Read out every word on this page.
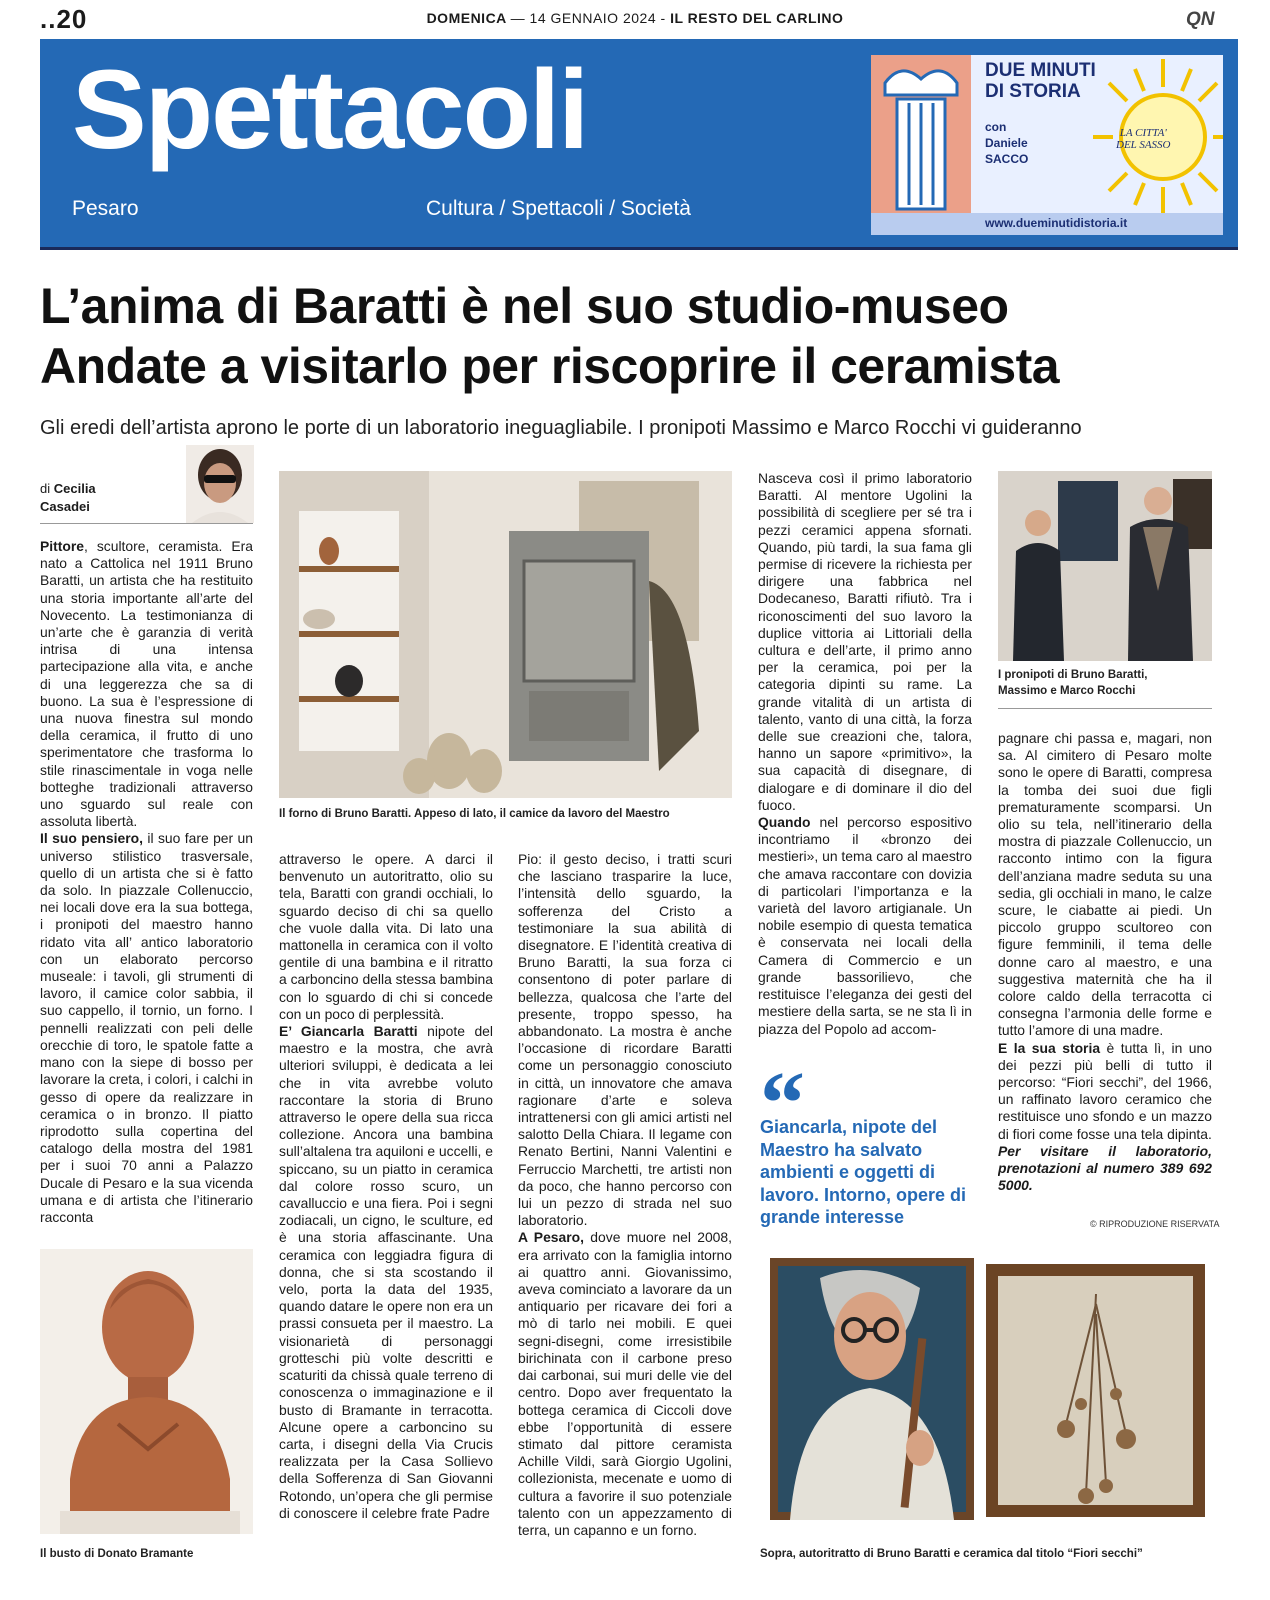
..20	DOMENICA — 14 GENNAIO 2024 - IL RESTO DEL CARLINO	QN
Spettacoli
Pesaro	Cultura / Spettacoli / Società
DUE MINUTI
DI STORIA
con
Daniele
SACCO
LA CITTA'
DEL SASSO
www.dueminutidistoria.it
L’anima di Baratti è nel suo studio-museo
Andate a visitarlo per riscoprire il ceramista
Gli eredi dell’artista aprono le porte di un laboratorio ineguagliabile. I pronipoti Massimo e Marco Rocchi vi guideranno
di Cecilia
Casadei

Pittore, scultore, ceramista. Era nato a Cattolica nel 1911 Bruno Baratti, un artista che ha restituito una storia importante all’arte del Novecento. La testimonianza di un’arte che è garanzia di verità intrisa di una intensa partecipazione alla vita, e anche di una leggerezza che sa di buono. La sua è l’espressione di una nuova finestra sul mondo della ceramica, il frutto di uno sperimentatore che trasforma lo stile rinascimentale in voga nelle botteghe tradizionali attraverso uno sguardo sul reale con assoluta libertà.

Il suo pensiero, il suo fare per un universo stilistico trasversale, quello di un artista che si è fatto da solo. In piazzale Collenuccio, nei locali dove era la sua bottega, i pronipoti del maestro hanno ridato vita all’ antico laboratorio con un elaborato percorso museale: i tavoli, gli strumenti di lavoro, il camice color sabbia, il suo cappello, il tornio, un forno. I pennelli realizzati con peli delle orecchie di toro, le spatole fatte a mano con la siepe di bosso per lavorare la creta, i colori, i calchi in gesso di opere da realizzare in ceramica o in bronzo. Il piatto riprodotto sulla copertina del catalogo della mostra del 1981 per i suoi 70 anni a Palazzo Ducale di Pesaro e la sua vicenda umana e di artista che l’itinerario racconta

Il busto di Donato Bramante
Il forno di Bruno Baratti. Appeso di lato, il camice da lavoro del Maestro

attraverso le opere. A darci il benvenuto un autoritratto, olio su tela, Baratti con grandi occhiali, lo sguardo deciso di chi sa quello che vuole dalla vita. Di lato una mattonella in ceramica con il volto gentile di una bambina e il ritratto a carboncino della stessa bambina con lo sguardo di chi si concede con un poco di perplessità.

E’ Giancarla Baratti nipote del maestro e la mostra, che avrà ulteriori sviluppi, è dedicata a lei che in vita avrebbe voluto raccontare la storia di Bruno attraverso le opere della sua ricca collezione. Ancora una bambina sull’altalena tra aquiloni e uccelli, e spiccano, su un piatto in ceramica dal colore rosso scuro, un cavalluccio e una fiera. Poi i segni zodiacali, un cigno, le sculture, ed è una storia affascinante. Una ceramica con leggiadra figura di donna, che si sta scostando il velo, porta la data del 1935, quando datare le opere non era un prassi consueta per il maestro. La visionarietà di personaggi grotteschi più volte descritti e scaturiti da chissà quale terreno di conoscenza o immaginazione e il busto di Bramante in terracotta. Alcune opere a carboncino su carta, i disegni della Via Crucis realizzata per la Casa Sollievo della Sofferenza di San Giovanni Rotondo, un’opera che gli permise di conoscere il celebre frate Padre

Pio: il gesto deciso, i tratti scuri che lasciano trasparire la luce, l’intensità dello sguardo, la sofferenza del Cristo a testimoniare la sua abilità di disegnatore. E l’identità creativa di Bruno Baratti, la sua forza ci consentono di poter parlare di bellezza, qualcosa che l’arte del presente, troppo spesso, ha abbandonato. La mostra è anche l’occasione di ricordare Baratti come un personaggio conosciuto in città, un innovatore che amava ragionare d’arte e soleva intrattenersi con gli amici artisti nel salotto Della Chiara. Il legame con Renato Bertini, Nanni Valentini e Ferruccio Marchetti, tre artisti non da poco, che hanno percorso con lui un pezzo di strada nel suo laboratorio.

A Pesaro, dove muore nel 2008, era arrivato con la famiglia intorno ai quattro anni. Giovanissimo, aveva cominciato a lavorare da un antiquario per ricavare dei fori a mò di tarlo nei mobili. E quei segni-disegni, come irresistibile birichinata con il carbone preso dai carbonai, sui muri delle vie del centro. Dopo aver frequentato la bottega ceramica di Ciccoli dove ebbe l’opportunità di essere stimato dal pittore ceramista Achille Vildi, sarà Giorgio Ugolini, collezionista, mecenate e uomo di cultura a favorire il suo potenziale talento con un appezzamento di terra, un capanno e un forno.

Nasceva così il primo laboratorio Baratti. Al mentore Ugolini la possibilità di scegliere per sé tra i pezzi ceramici appena sfornati. Quando, più tardi, la sua fama gli permise di ricevere la richiesta per dirigere una fabbrica nel Dodecaneso, Baratti rifiutò. Tra i riconoscimenti del suo lavoro la duplice vittoria ai Littoriali della cultura e dell’arte, il primo anno per la ceramica, poi per la categoria dipinti su rame. La grande vitalità di un artista di talento, vanto di una città, la forza delle sue creazioni che, talora, hanno un sapore «primitivo», la sua capacità di disegnare, di dialogare e di dominare il dio del fuoco.

Quando nel percorso espositivo incontriamo il «bronzo dei mestieri», un tema caro al maestro che amava raccontare con dovizia di particolari l’importanza e la varietà del lavoro artigianale. Un nobile esempio di questa tematica è conservata nei locali della Camera di Commercio e un grande bassorilievo, che restituisce l’eleganza dei gesti del mestiere della sarta, se ne sta lì in piazza del Popolo ad accom-

“
Giancarla, nipote del Maestro ha salvato ambienti e oggetti di lavoro. Intorno, opere di grande interesse
I pronipoti di Bruno Baratti,
Massimo e Marco Rocchi

pagnare chi passa e, magari, non sa. Al cimitero di Pesaro molte sono le opere di Baratti, compresa la tomba dei suoi due figli prematuramente scomparsi. Un olio su tela, nell’itinerario della mostra di piazzale Collenuccio, un racconto intimo con la figura dell’anziana madre seduta su una sedia, gli occhiali in mano, le calze scure, le ciabatte ai piedi. Un piccolo gruppo scultoreo con figure femminili, il tema delle donne caro al maestro, e una suggestiva maternità che ha il colore caldo della terracotta ci consegna l’armonia delle forme e tutto l’amore di una madre.

E la sua storia è tutta lì, in uno dei pezzi più belli di tutto il percorso: “Fiori secchi”, del 1966, un raffinato lavoro ceramico che restituisce uno sfondo e un mazzo di fiori come fosse una tela dipinta.

Per visitare il laboratorio, prenotazioni al numero 389 692 5000.

© RIPRODUZIONE RISERVATA
Sopra, autoritratto di Bruno Baratti e ceramica dal titolo “Fiori secchi”
